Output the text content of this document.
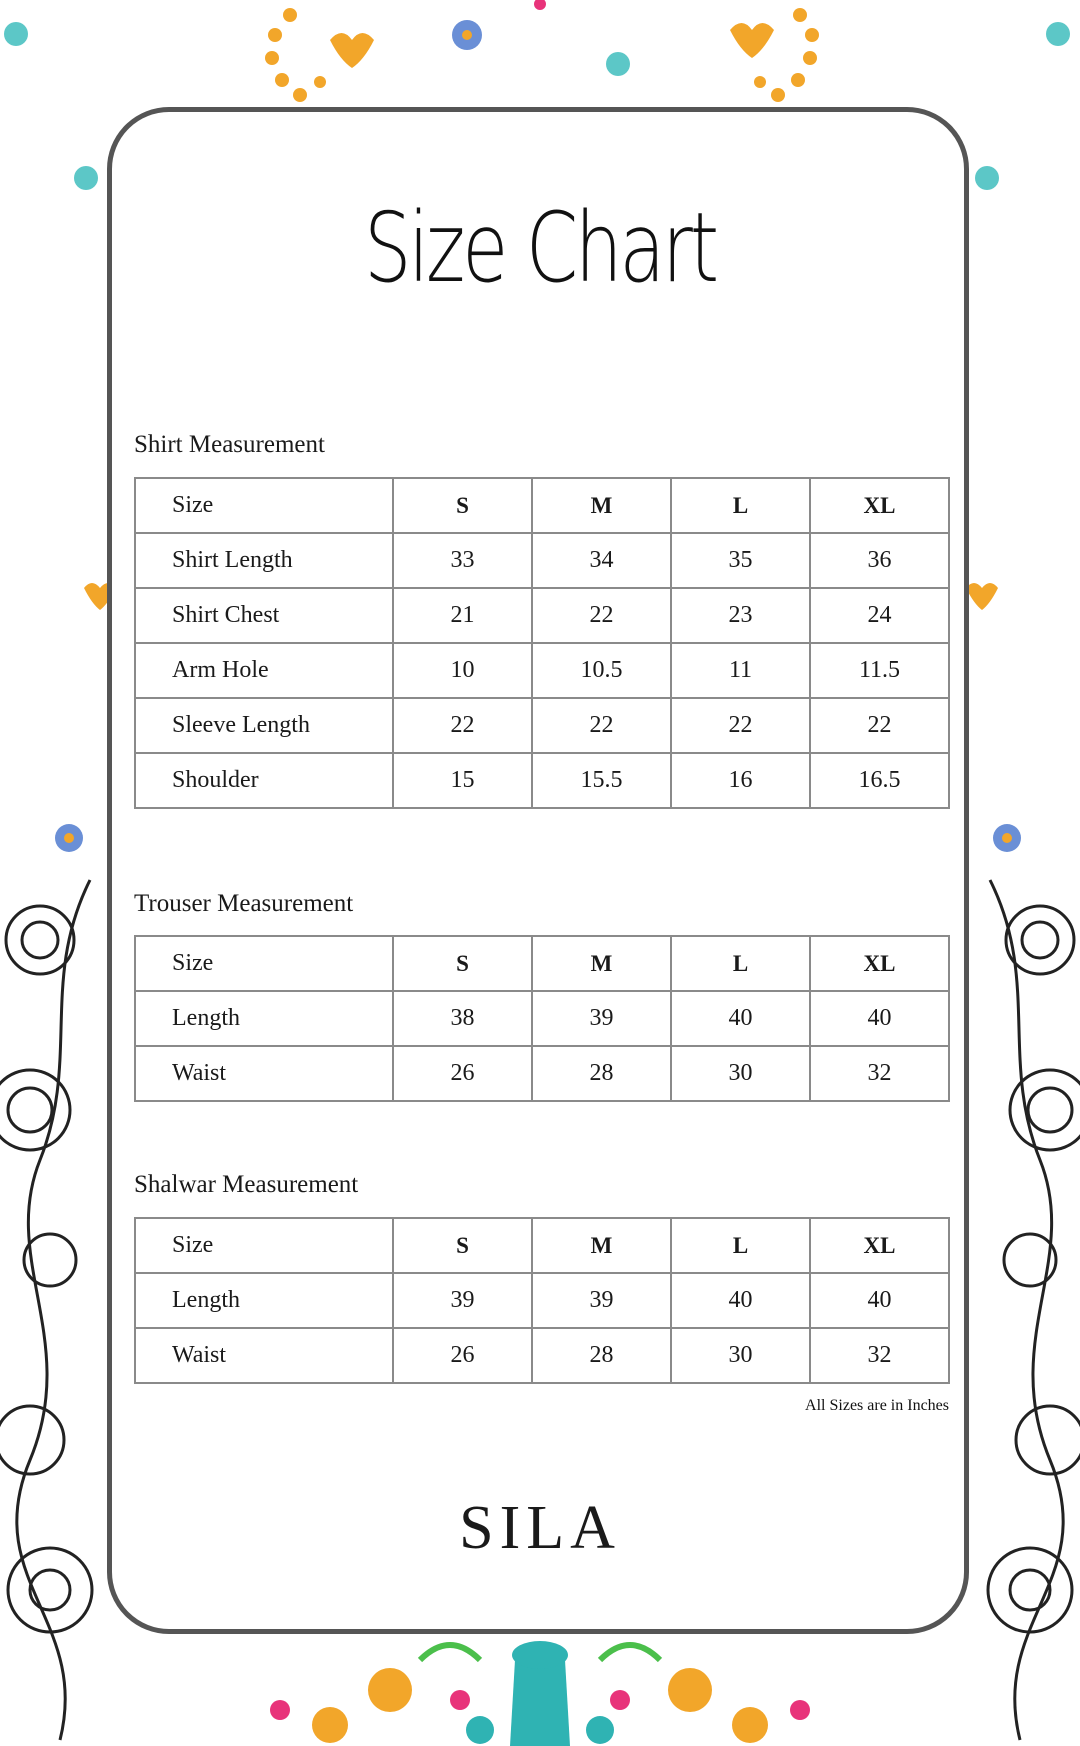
Size Chart
Shirt Measurement
Size	S	M	L	XL
Shirt Length	33	34	35	36
Shirt Chest	21	22	23	24
Arm Hole	10	10.5	11	11.5
Sleeve Length	22	22	22	22
Shoulder	15	15.5	16	16.5
Trouser Measurement
Size	S	M	L	XL
Length	38	39	40	40
Waist	26	28	30	32
Shalwar Measurement
Size	S	M	L	XL
Length	39	39	40	40
Waist	26	28	30	32
All Sizes are in Inches
SILA
